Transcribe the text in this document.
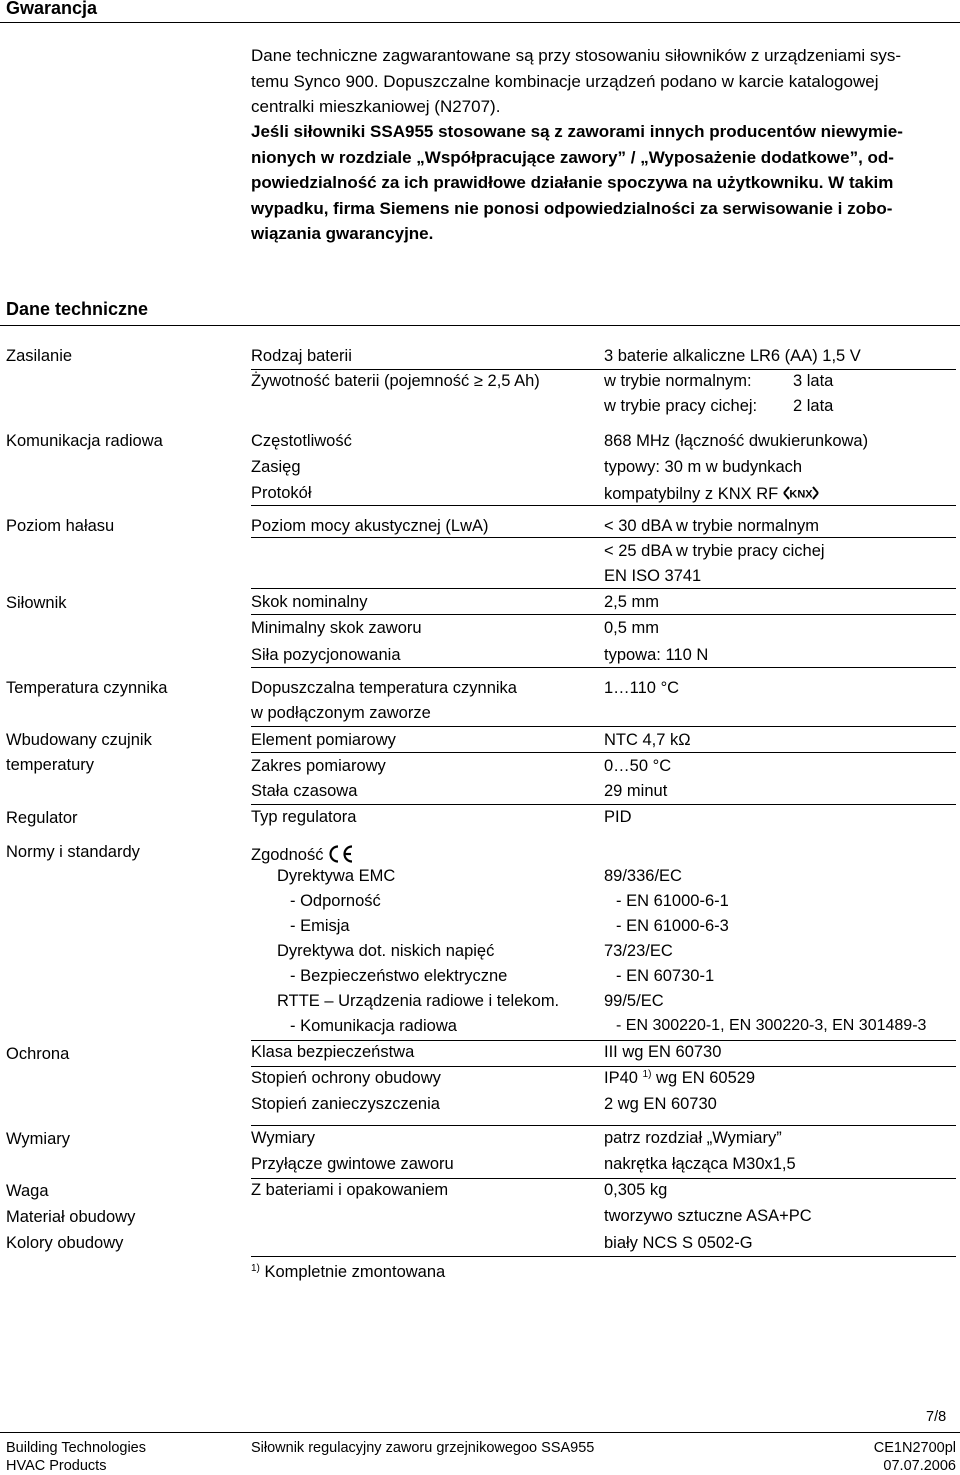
Gwarancja
Dane techniczne zagwarantowane są przy stosowaniu siłowników z urządzeniami sys-
temu Synco 900. Dopuszczalne kombinacje urządzeń podano w karcie katalogowej
centralki mieszkaniowej (N2707).
Jeśli siłowniki SSA955 stosowane są z zaworami innych producentów niewymie-
nionych w rozdziale „Współpracujące zawory” / „Wyposażenie dodatkowe”, od-
powiedzialność za ich prawidłowe działanie spoczywa na użytkowniku. W takim
wypadku, firma Siemens nie ponosi odpowiedzialności za serwisowanie i zobo-
wiązania gwarancyjne.
Dane techniczne
Zasilanie
Komunikacja radiowa
Poziom hałasu
Siłownik
Temperatura czynnika
Wbudowany czujnik
temperatury
Regulator
Normy i standardy
Ochrona
Wymiary
Waga
Materiał obudowy
Kolory obudowy
Rodzaj baterii
Żywotność baterii (pojemność ≥ 2,5 Ah)
Częstotliwość
Zasięg
Protokół
Poziom mocy akustycznej (LwA)
Skok nominalny
Minimalny skok zaworu
Siła pozycjonowania
Dopuszczalna temperatura czynnika
w podłączonym zaworze
Element pomiarowy
Zakres pomiarowy
Stała czasowa
Typ regulatora
Zgodność
Dyrektywa EMC
- Odporność
- Emisja
Dyrektywa dot. niskich napięć
- Bezpieczeństwo elektryczne
RTTE – Urządzenia radiowe i telekom.
- Komunikacja radiowa
Klasa bezpieczeństwa
Stopień ochrony obudowy
Stopień zanieczyszczenia
Wymiary
Przyłącze gwintowe zaworu
Z bateriami i opakowaniem
$^{1)}$ Kompletnie zmontowana
3 baterie alkaliczne LR6 (AA) 1,5 V
w trybie normalnym:	3 lata
w trybie pracy cichej: 2 lata
868 MHz (łączność dwukierunkowa)
typowy: 30 m w budynkach
kompatybilny z KNX RF KNX
< 30 dBA w trybie normalnym
< 25 dBA w trybie pracy cichej
EN ISO 3741
2,5 mm
0,5 mm
typowa: 110 N
1…110 °C
NTC 4,7 kΩ
0…50 °C
29 minut
PID
89/336/EC
- EN 61000-6-1
- EN 61000-6-3
73/23/EC
- EN 60730-1
99/5/EC
- EN 300220-1, EN 300220-3, EN 301489-3
III wg EN 60730
IP40 $^{1)}$ wg EN 60529
2 wg EN 60730
patrz rozdział „Wymiary”
nakrętka łącząca M30x1,5
0,305 kg
tworzywo sztuczne ASA+PC
biały NCS S 0502-G
7/8
Building Technologies
HVAC Products
Siłownik regulacyjny zaworu grzejnikowegoo SSA955	CE1N2700pl
07.07.2006
